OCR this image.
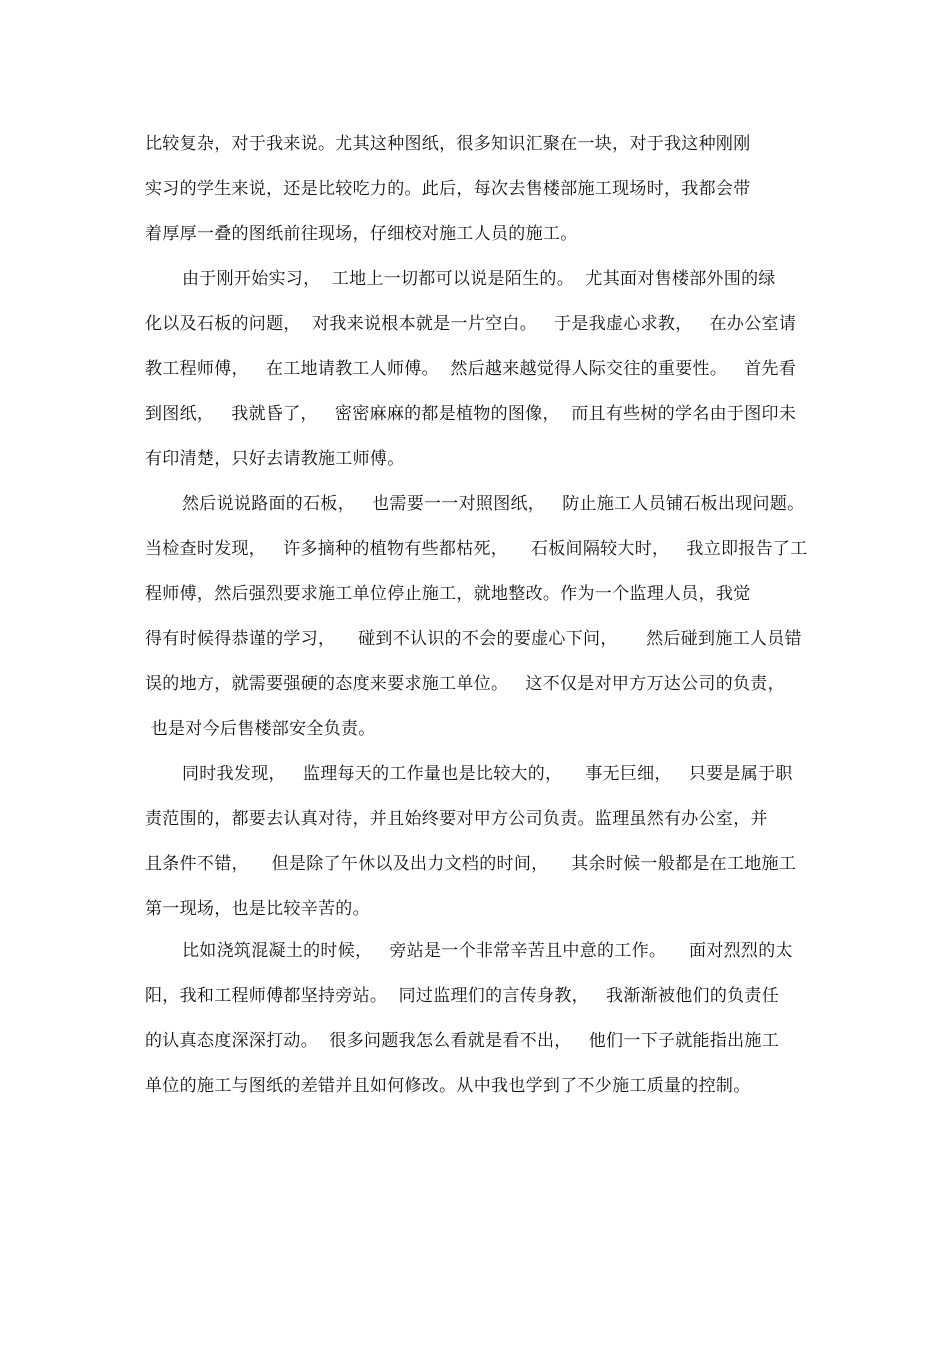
比较复杂，对于我来说。尤其这种图纸，很多知识汇聚在一块，对于我这种刚刚
实习的学生来说，还是比较吃力的。此后，每次去售楼部施工现场时，我都会带
着厚厚一叠的图纸前往现场，仔细校对施工人员的施工。
由于刚开始实习，  工地上一切都可以说是陌生的。  尤其面对售楼部外围的绿
化以及石板的问题，  对我来说根本就是一片空白。   于是我虚心求教，   在办公室请
教工程师傅，   在工地请教工人师傅。  然后越来越觉得人际交往的重要性。   首先看
到图纸，   我就昏了，   密密麻麻的都是植物的图像，  而且有些树的学名由于图印未
有印清楚，只好去请教施工师傅。
然后说说路面的石板，   也需要一一对照图纸，   防止施工人员铺石板出现问题。
当检查时发现，   许多摘种的植物有些都枯死，    石板间隔较大时，   我立即报告了工
程师傅，然后强烈要求施工单位停止施工，就地整改。作为一个监理人员，我觉
得有时候得恭谨的学习，    碰到不认识的不会的要虚心下问，     然后碰到施工人员错
误的地方，就需要强硬的态度来要求施工单位。   这不仅是对甲方万达公司的负责，
也是对今后售楼部安全负责。
同时我发现，   监理每天的工作量也是比较大的，    事无巨细，   只要是属于职
责范围的，都要去认真对待，并且始终要对甲方公司负责。监理虽然有办公室，并
且条件不错，    但是除了午休以及出力文档的时间，    其余时候一般都是在工地施工
第一现场，也是比较辛苦的。
比如浇筑混凝土的时候，   旁站是一个非常辛苦且中意的工作。    面对烈烈的太
阳，我和工程师傅都坚持旁站。  同过监理们的言传身教，   我渐渐被他们的负责任
的认真态度深深打动。  很多问题我怎么看就是看不出，   他们一下子就能指出施工
单位的施工与图纸的差错并且如何修改。从中我也学到了不少施工质量的控制。
